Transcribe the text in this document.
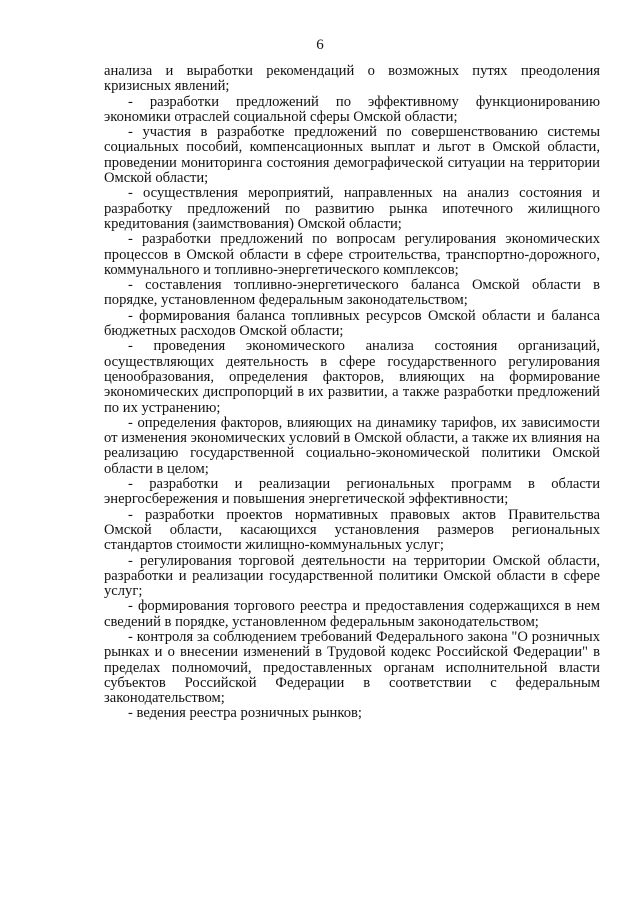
6

анализа и выработки рекомендаций о возможных путях преодоления кризисных явлений;

- разработки предложений по эффективному функционированию экономики отраслей социальной сферы Омской области;

- участия в разработке предложений по совершенствованию системы социальных пособий, компенсационных выплат и льгот в Омской области, проведении мониторинга состояния демографической ситуации на территории Омской области;

- осуществления мероприятий, направленных на анализ состояния и разработку предложений по развитию рынка ипотечного жилищного кредитования (заимствования) Омской области;

- разработки предложений по вопросам регулирования экономических процессов в Омской области в сфере строительства, транспортно-дорожного, коммунального и топливно-энергетического комплексов;

- составления топливно-энергетического баланса Омской области в порядке, установленном федеральным законодательством;

- формирования баланса топливных ресурсов Омской области и баланса бюджетных расходов Омской области;

- проведения экономического анализа состояния организаций, осуществляющих деятельность в сфере государственного регулирования ценообразования, определения факторов, влияющих на формирование экономических диспропорций в их развитии, а также разработки предложений по их устранению;

- определения факторов, влияющих на динамику тарифов, их зависимости от изменения экономических условий в Омской области, а также их влияния на реализацию государственной социально-экономической политики Омской области в целом;

- разработки и реализации региональных программ в области энергосбережения и повышения энергетической эффективности;

- разработки проектов нормативных правовых актов Правительства Омской области, касающихся установления размеров региональных стандартов стоимости жилищно-коммунальных услуг;

- регулирования торговой деятельности на территории Омской области, разработки и реализации государственной политики Омской области в сфере услуг;

- формирования торгового реестра и предоставления содержащихся в нем сведений в порядке, установленном федеральным законодательством;

- контроля за соблюдением требований Федерального закона "О розничных рынках и о внесении изменений в Трудовой кодекс Российской Федерации" в пределах полномочий, предоставленных органам исполнительной власти субъектов Российской Федерации в соответствии с федеральным законодательством;

- ведения реестра розничных рынков;
